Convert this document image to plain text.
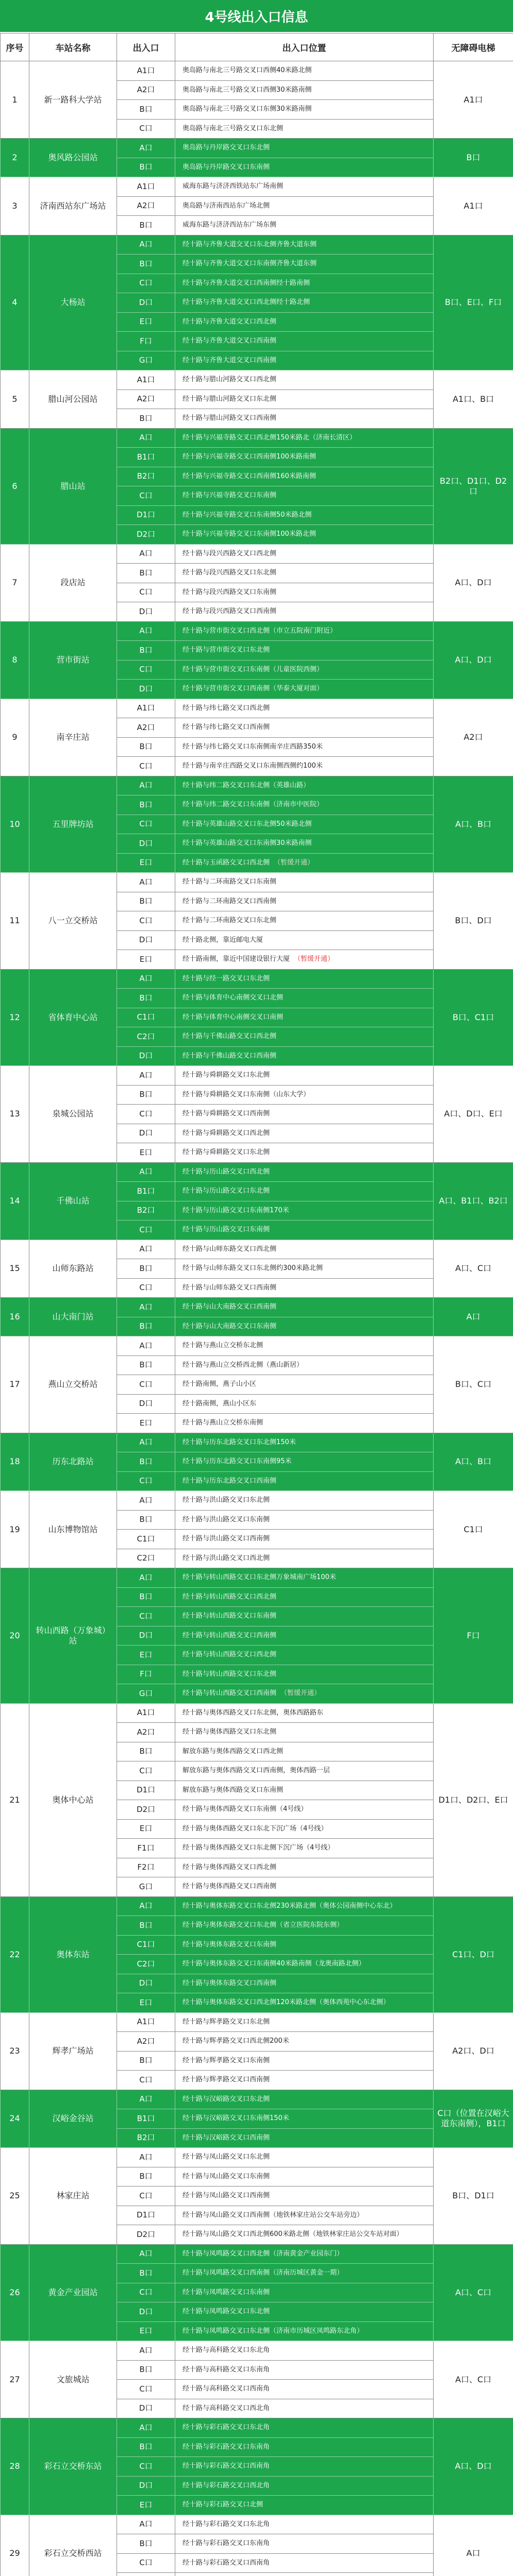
4号线出入口信息
序号	车站名称	出入口	出入口位置	无障碍电梯
1	新一路科大学站	A1口	奥岛路与南北三号路交叉口西侧40米路北侧	A1口
		A2口	奥岛路与南北三号路交叉口西侧30米路南侧	
		B口	奥岛路与南北三号路交叉口东侧30米路南侧	
		C口	奥岛路与南北三号路交叉口东北侧	
2	奥风路公园站	A口	奥岛路与丹岸路交叉口东北侧	B口
		B口	奥岛路与丹岸路交叉口东南侧	
3	济南西站东广场站	A1口	威海东路与济济西铁站东广场南侧	A1口
		A2口	奥岛路与济南西站东广场北侧	
		B口	威海东路与济济西站东广场东侧	
4	大杨站	A口	经十路与齐鲁大道交叉口东北侧齐鲁大道东侧	B口、E口、F口
		B口	经十路与齐鲁大道交叉口东南侧齐鲁大道东侧	
		C口	经十路与齐鲁大道交叉口西南侧经十路南侧	
		D口	经十路与齐鲁大道交叉口西北侧经十路北侧	
		E口	经十路与齐鲁大道交叉口西北侧	
		F口	经十路与齐鲁大道交叉口西南侧	
		G口	经十路与齐鲁大道交叉口西南侧	
5	腊山河公园站	A1口	经十路与腊山河路交叉口西北侧	A1口、B口
		A2口	经十路与腊山河路交叉口东北侧	
		B口	经十路与腊山河路交叉口西南侧	
6	腊山站	A口	经十路与兴福寺路交叉口西北侧150米路北（济南长清区）	B2口、D1口、D2口
		B1口	经十路与兴福寺路交叉口西南侧100米路南侧	
		B2口	经十路与兴福寺路交叉口西南侧160米路南侧	
		C口	经十路与兴福寺路交叉口东南侧	
		D1口	经十路与兴福寺路交叉口东南侧50米路北侧	
		D2口	经十路与兴福寺路交叉口东南侧100米路北侧	
7	段店站	A口	经十路与段兴西路交叉口西北侧	A口、D口
		B口	经十路与段兴西路交叉口东北侧	
		C口	经十路与段兴西路交叉口东南侧	
		D口	经十路与段兴西路交叉口西南侧	
8	营市街站	A口	经十路与营市街交叉口西北侧（市立五院南门附近）	A口、D口
		B口	经十路与营市街交叉口东北侧	
		C口	经十路与营市街交叉口东南侧（儿童医院西侧）	
		D口	经十路与营市街交叉口西南侧（华泰大厦对面）	
9	南辛庄站	A1口	经十路与纬七路交叉口西北侧	A2口
		A2口	经十路与纬七路交叉口西南侧	
		B口	经十路与纬七路交叉口东南侧南辛庄西路350米	
		C口	经十路与南辛庄西路交叉口东南侧西侧约100米	
10	五里牌坊站	A口	经十路与纬二路交叉口东北侧（英雄山路）	A口、B口
		B口	经十路与纬二路交叉口东南侧（济南市中医院）	
		C口	经十路与英雄山路交叉口东北侧50米路北侧	
		D口	经十路与英雄山路交叉口东南侧30米路南侧	
		E口	经十路与玉函路交叉口西北侧 （暂缓开通）	
11	八一立交桥站	A口	经十路与二环南路交叉口东南侧	B口、D口
		B口	经十路与二环南路交叉口西南侧	
		C口	经十路与二环南路交叉口东北侧	
		D口	经十路北侧，靠近邮电大厦	
		E口	经十路南侧，靠近中国建设银行大厦 （暂缓开通）	
12	省体育中心站	A口	经十路与经一路交叉口东北侧	B口、C1口
		B口	经十路与体育中心南侧交叉口北侧	
		C1口	经十路与体育中心南侧交叉口南侧	
		C2口	经十路与千佛山路交叉口西北侧	
		D口	经十路与千佛山路交叉口西南侧	
13	泉城公园站	A口	经十路与舜耕路交叉口东北侧	A口、D口、E口
		B口	经十路与舜耕路交叉口东南侧（山东大学）	
		C口	经十路与舜耕路交叉口西南侧	
		D口	经十路与舜耕路交叉口西北侧	
		E口	经十路与舜耕路交叉口东北侧	
14	千佛山站	A口	经十路与历山路交叉口西北侧	A口、B1口、B2口
		B1口	经十路与历山路交叉口东北侧	
		B2口	经十路与历山路交叉口东南侧170米	
		C口	经十路与历山路交叉口东南侧	
15	山师东路站	A口	经十路与山师东路交叉口西北侧	A口、C口
		B口	经十路与山师东路交叉口东北侧约300米路北侧	
		C口	经十路与山师东路交叉口西南侧	
16	山大南门站	A口	经十路与山大南路交叉口西南侧	A口
		B口	经十路与山大南路交叉口东南侧	
17	燕山立交桥站	A口	经十路与燕山立交桥东北侧	B口、C口
		B口	经十路与燕山立交桥西北侧（燕山新居）	
		C口	经十路南侧，燕子山小区	
		D口	经十路南侧，燕山小区东	
		E口	经十路与燕山立交桥东南侧	
18	历东北路站	A口	经十路与历东北路交叉口东北侧150米	A口、B口
		B口	经十路与历东北路交叉口东南侧95米	
		C口	经十路与历东北路交叉口西南侧	
19	山东博物馆站	A口	经十路与洪山路交叉口东北侧	C1口
		B口	经十路与洪山路交叉口东南侧	
		C1口	经十路与洪山路交叉口西南侧	
		C2口	经十路与洪山路交叉口西北侧	
20	转山西路（万象城）站	A口	经十路与转山西路交叉口东北侧万象城南广场100米	F口
		B口	经十路与转山西路交叉口西北侧	
		C口	经十路与转山西路交叉口东南侧	
		D口	经十路与转山西路交叉口西南侧	
		E口	经十路与转山西路交叉口西北侧	
		F口	经十路与转山西路交叉口东北侧	
		G口	经十路与转山西路交叉口西南侧 （暂缓开通）	
21	奥体中心站	A1口	经十路与奥体西路交叉口东北侧，奥体西路路东	D1口、D2口、E口
		A2口	经十路与奥体西路交叉口东北侧	
		B口	解放东路与奥体西路交叉口西北侧	
		C口	解放东路与奥体西路交叉口西南侧，奥体西路一层	
		D1口	解放东路与奥体西路交叉口东南侧	
		D2口	经十路与奥体西路交叉口东南侧（4号线）	
		E口	经十路与奥体西路交叉口东北下沉广场（4号线）	
		F1口	经十路与奥体西路交叉口东北侧下沉广场（4号线）	
		F2口	经十路与奥体西路交叉口西北侧	
		G口	经十路与奥体西路交叉口西南侧	
22	奥体东站	A口	经十路与奥体东路交叉口东北侧230米路北侧（奥体公园南侧中心东北）	C1口、D口
		B口	经十路与奥体东路交叉口东北侧（省立医院东院东侧）	
		C1口	经十路与奥体东路交叉口东南侧	
		C2口	经十路与奥体东路交叉口东南侧40米路南侧（龙奥南路北侧）	
		D口	经十路与奥体东路交叉口西南侧	
		E口	经十路与奥体东路交叉口西北侧120米路北侧（奥体西苑中心东北侧）	
23	辉孝广场站	A1口	经十路与辉孝路交叉口东北侧	A2口、D口
		A2口	经十路与辉孝路交叉口西北侧200米	
		B口	经十路与辉孝路交叉口东南侧	
		C口	经十路与辉孝路交叉口西南侧	
24	汉峪金谷站	A口	经十路与汉峪路交叉口东北侧	C口（位置在汉峪大道东南侧），B1口
		B1口	经十路与汉峪路交叉口东南侧150米	
		B2口	经十路与汉峪路交叉口西南侧	
25	林家庄站	A口	经十路与凤山路交叉口东北侧	B口、D1口
		B口	经十路与凤山路交叉口东南侧	
		C口	经十路与凤山路交叉口西南侧	
		D1口	经十路与凤山路交叉口西南侧（地铁林家庄站公交车站旁边）	
		D2口	经十路与凤山路交叉口西北侧600米路北侧（地铁林家庄站公交车站对面）	
26	黄金产业园站	A口	经十路与凤鸣路交叉口西北侧（济南黄金产业园东门）	A口、C口
		B口	经十路与凤鸣路交叉口西南侧（济南历城区黄金一期）	
		C口	经十路与凤鸣路交叉口东南侧	
		D口	经十路与凤鸣路交叉口东北侧	
		E口	经十路与凤鸣路交叉口东北侧（济南市历城区凤鸣路东北角）	
27	文旅城站	A口	经十路与高科路交叉口东北角	A口、C口
		B口	经十路与高科路交叉口东南角	
		C口	经十路与高科路交叉口西南角	
		D口	经十路与高科路交叉口西北角	
28	彩石立交桥东站	A口	经十路与彩石路交叉口东北角	A口、D口
		B口	经十路与彩石路交叉口东南角	
		C口	经十路与彩石路交叉口西南角	
		D口	经十路与彩石路交叉口西北角	
		E口	经十路与彩石路交叉口北侧	
29	彩石立交桥西站	A口	经十路与彩石路交叉口东北角	A口
		B口	经十路与彩石路交叉口东南角	
		C口	经十路与彩石路交叉口西南角	
